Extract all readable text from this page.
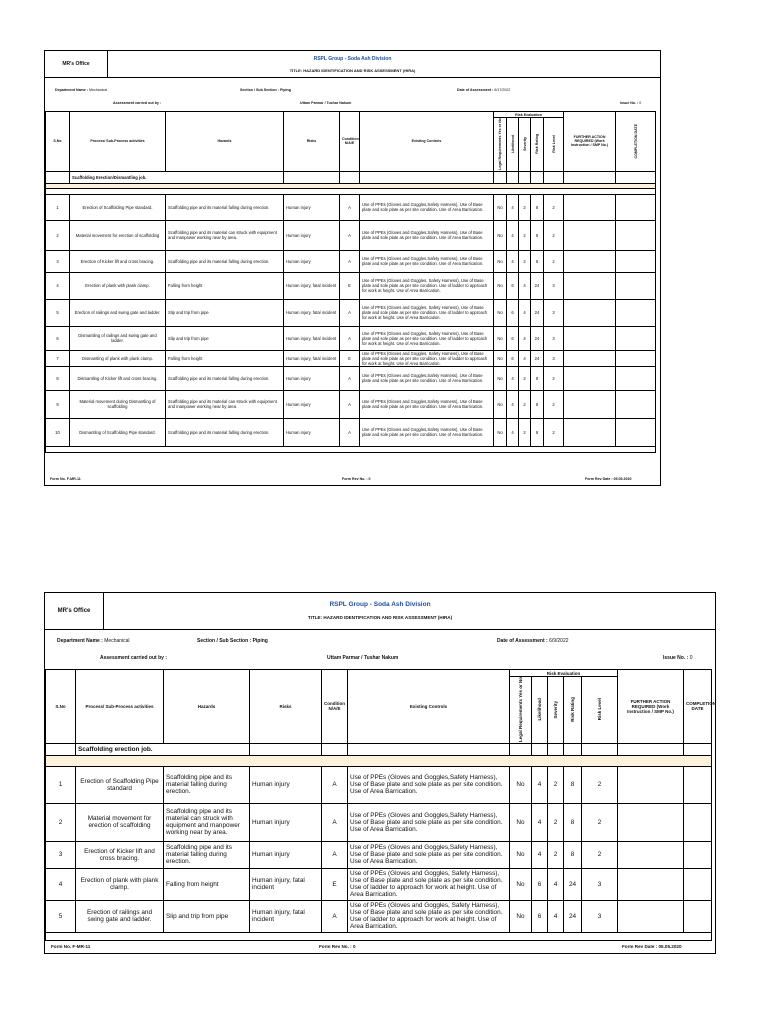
MR's Office
RSPL Group - Soda Ash Division
TITLE: HAZARD IDENTIFICATION AND RISK ASSESSMENT (HIRA)
Department Name : Mechanical	Section / Sub Section : Piping	Date of Assessment : 6/17/2022
Assessment carried out by :	Uttam Parmar / Tushar Nakum	Issue No. : 0
S.No	Process/ Sub-Process activities	Hazards	Risks	Condition N/A/E	Existing Controls	Risk Evaluation					FURTHER ACTION REQUIRED (Work Instruction / SMP No.)	COMPLETION DATE
						Legal Requirements Yes or No	Likelihood	Severity	Risk Rating	Risk Level		
	Scaffolding Erection/Dismantling job.											

1	Erection of Scaffolding Pipe standard.	Scaffolding pipe and its material falling during erection.	Human injury	A	Use of PPEs (Gloves and Goggles,Safety Harness), Use of Base plate and sole plate as per site condition. Use of Area Barrication.	No	4	2	8	2		
2	Material movement for erection of scaffolding	Scaffolding pipe and its material can struck with equipment and manpower working near by area.	Human injury	A	Use of PPEs (Gloves and Goggles,Safety Harness), Use of Base plate and sole plate as per site condition. Use of Area Barrication.	No	4	2	8	2		
3	Erection of Kicker lift and cross bracing.	Scaffolding pipe and its material falling during erection.	Human injury	A	Use of PPEs (Gloves and Goggles,Safety Harness), Use of Base plate and sole plate as per site condition. Use of Area Barrication.	No	4	2	8	2		
4	Erection of plank with plank clamp.	Falling from height	Human injury, fatal incident	E	Use of PPEs (Gloves and Goggles, Safety Harness), Use of Base plate and sole plate as per site condition. Use of ladder to approach for work at height. Use of Area Barrication.	No	6	4	24	3		
5	Erection of railings and swing gate and ladder.	Slip and trip from pipe	Human injury, fatal incident	A	Use of PPEs (Gloves and Goggles, Safety Harness), Use of Base plate and sole plate as per site condition. Use of ladder to approach for work at height. Use of Area Barrication.	No	6	4	24	3		
6	Dismantling of railings and swing gate and ladder.	Slip and trip from pipe	Human injury, fatal incident	A	Use of PPEs (Gloves and Goggles, Safety Harness), Use of Base plate and sole plate as per site condition. Use of ladder to approach for work at height. Use of Area Barrication.	No	6	4	24	3		
7	Dismantling of plank with plank clamp.	Falling from height	Human injury, fatal incident	E	Use of PPEs (Gloves and Goggles, Safety Harness), Use of Base plate and sole plate as per site condition. Use of ladder to approach for work at height. Use of Area Barrication.	No	6	4	24	3		
8	Dismantling of Kicker lift and cross bracing.	Scaffolding pipe and its material falling during erection.	Human injury	A	Use of PPEs (Gloves and Goggles,Safety Harness), Use of Base plate and sole plate as per site condition. Use of Area Barrication.	No	4	2	8	2		
9	Material movement during Dismantling of scaffolding	Scaffolding pipe and its material can struck with equipment and manpower working near by area.	Human injury	A	Use of PPEs (Gloves and Goggles,Safety Harness), Use of Base plate and sole plate as per site condition. Use of Area Barrication.	No	4	2	8	2		
10	Dismantling of Scaffolding Pipe standard.	Scaffolding pipe and its material falling during erection.	Human injury	A	Use of PPEs (Gloves and Goggles,Safety Harness), Use of Base plate and sole plate as per site condition. Use of Area Barrication.	No	4	2	8	2		

Form No. F-MR-11	Form Rev No. : 0	Form Rev Date : 05.05.2020
MR's Office
RSPL Group - Soda Ash Division
TITLE: HAZARD IDENTIFICATION AND RISK ASSESSMENT (HIRA)
Department Name : Mechanical	Section / Sub Section : Piping	Date of Assessment : 6/9/2022
Assessment carried out by :	Uttam Parmar / Tushar Nakum	Issue No. : 0
S.No	Process/ Sub-Process activities	Hazards	Risks	Condition N/A/E	Existing Controls	Risk Evaluation					FURTHER ACTION REQUIRED (Work Instruction / SMP No.)	COMPLETION DATE
						Legal Requirements Yes or No	Likelihood	Severity	Risk Rating	Risk Level		
	Scaffolding erection job.											

1	Erection of Scaffolding Pipe standard	Scaffolding pipe and its material falling during erection.	Human injury	A	Use of PPEs (Gloves and Goggles,Safety Harness), Use of Base plate and sole plate as per site condition. Use of Area Barrication.	No	4	2	8	2		
2	Material movement for erection of scaffolding	Scaffolding pipe and its material can struck with equipment and manpower working near by area.	Human injury	A	Use of PPEs (Gloves and Goggles,Safety Harness), Use of Base plate and sole plate as per site condition. Use of Area Barrication.	No	4	2	8	2		
3	Erection of Kicker lift and cross bracing.	Scaffolding pipe and its material falling during erection.	Human injury	A	Use of PPEs (Gloves and Goggles,Safety Harness), Use of Base plate and sole plate as per site condition. Use of Area Barrication.	No	4	2	8	2		
4	Erection of plank with plank clamp.	Falling from height	Human injury, fatal incident	E	Use of PPEs (Gloves and Goggles, Safety Harness), Use of Base plate and sole plate as per site condition. Use of ladder to approach for work at height. Use of Area Barrication.	No	6	4	24	3		
5	Erection of railings and swing gate and ladder.	Slip and trip from pipe	Human injury, fatal incident	A	Use of PPEs (Gloves and Goggles, Safety Harness), Use of Base plate and sole plate as per site condition. Use of ladder to approach for work at height. Use of Area Barrication.	No	6	4	24	3		

Form No. F-MR-11	Form Rev No. : 0	Form Rev Date : 05.05.2020
